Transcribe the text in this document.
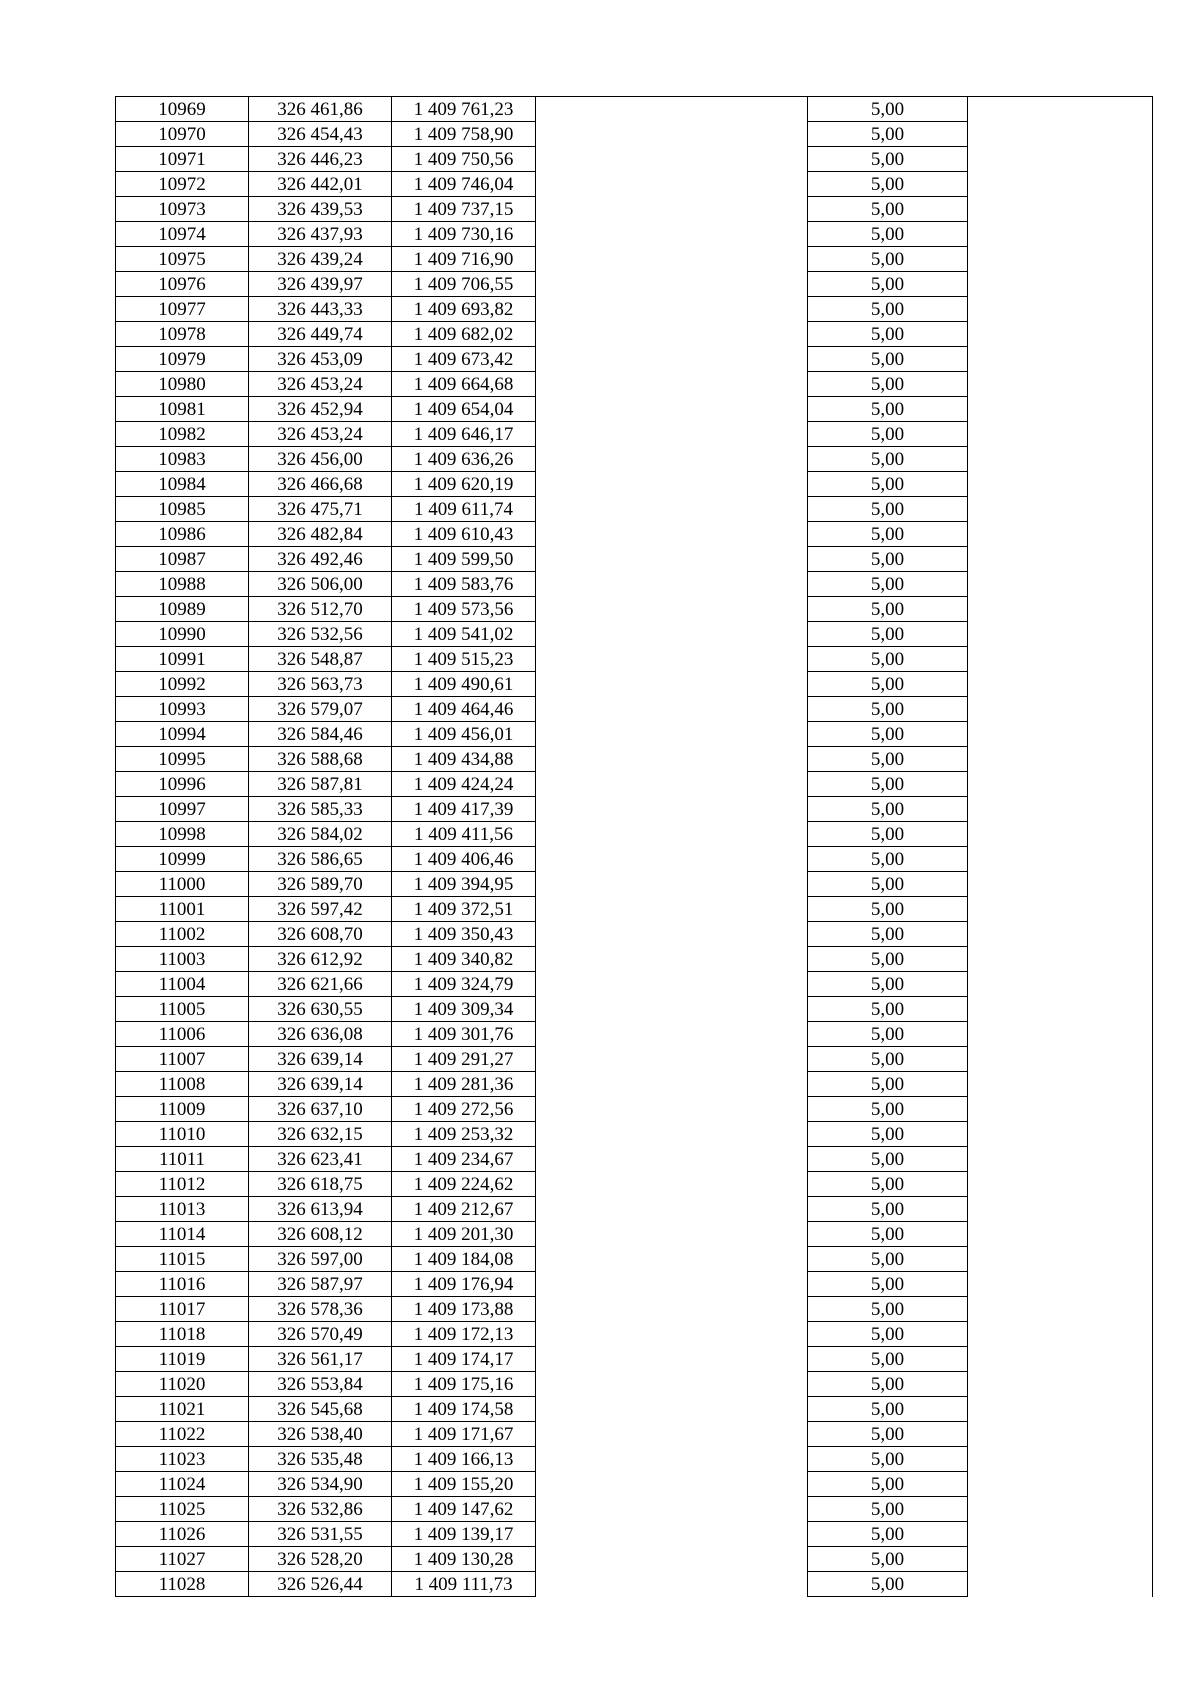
10969	326 461,86	1 409 761,23		5,00	
10970	326 454,43	1 409 758,90		5,00	
10971	326 446,23	1 409 750,56		5,00	
10972	326 442,01	1 409 746,04		5,00	
10973	326 439,53	1 409 737,15		5,00	
10974	326 437,93	1 409 730,16		5,00	
10975	326 439,24	1 409 716,90		5,00	
10976	326 439,97	1 409 706,55		5,00	
10977	326 443,33	1 409 693,82		5,00	
10978	326 449,74	1 409 682,02		5,00	
10979	326 453,09	1 409 673,42		5,00	
10980	326 453,24	1 409 664,68		5,00	
10981	326 452,94	1 409 654,04		5,00	
10982	326 453,24	1 409 646,17		5,00	
10983	326 456,00	1 409 636,26		5,00	
10984	326 466,68	1 409 620,19		5,00	
10985	326 475,71	1 409 611,74		5,00	
10986	326 482,84	1 409 610,43		5,00	
10987	326 492,46	1 409 599,50		5,00	
10988	326 506,00	1 409 583,76		5,00	
10989	326 512,70	1 409 573,56		5,00	
10990	326 532,56	1 409 541,02		5,00	
10991	326 548,87	1 409 515,23		5,00	
10992	326 563,73	1 409 490,61		5,00	
10993	326 579,07	1 409 464,46		5,00	
10994	326 584,46	1 409 456,01		5,00	
10995	326 588,68	1 409 434,88		5,00	
10996	326 587,81	1 409 424,24		5,00	
10997	326 585,33	1 409 417,39		5,00	
10998	326 584,02	1 409 411,56		5,00	
10999	326 586,65	1 409 406,46		5,00	
11000	326 589,70	1 409 394,95		5,00	
11001	326 597,42	1 409 372,51		5,00	
11002	326 608,70	1 409 350,43		5,00	
11003	326 612,92	1 409 340,82		5,00	
11004	326 621,66	1 409 324,79		5,00	
11005	326 630,55	1 409 309,34		5,00	
11006	326 636,08	1 409 301,76		5,00	
11007	326 639,14	1 409 291,27		5,00	
11008	326 639,14	1 409 281,36		5,00	
11009	326 637,10	1 409 272,56		5,00	
11010	326 632,15	1 409 253,32		5,00	
11011	326 623,41	1 409 234,67		5,00	
11012	326 618,75	1 409 224,62		5,00	
11013	326 613,94	1 409 212,67		5,00	
11014	326 608,12	1 409 201,30		5,00	
11015	326 597,00	1 409 184,08		5,00	
11016	326 587,97	1 409 176,94		5,00	
11017	326 578,36	1 409 173,88		5,00	
11018	326 570,49	1 409 172,13		5,00	
11019	326 561,17	1 409 174,17		5,00	
11020	326 553,84	1 409 175,16		5,00	
11021	326 545,68	1 409 174,58		5,00	
11022	326 538,40	1 409 171,67		5,00	
11023	326 535,48	1 409 166,13		5,00	
11024	326 534,90	1 409 155,20		5,00	
11025	326 532,86	1 409 147,62		5,00	
11026	326 531,55	1 409 139,17		5,00	
11027	326 528,20	1 409 130,28		5,00	
11028	326 526,44	1 409 111,73		5,00	
